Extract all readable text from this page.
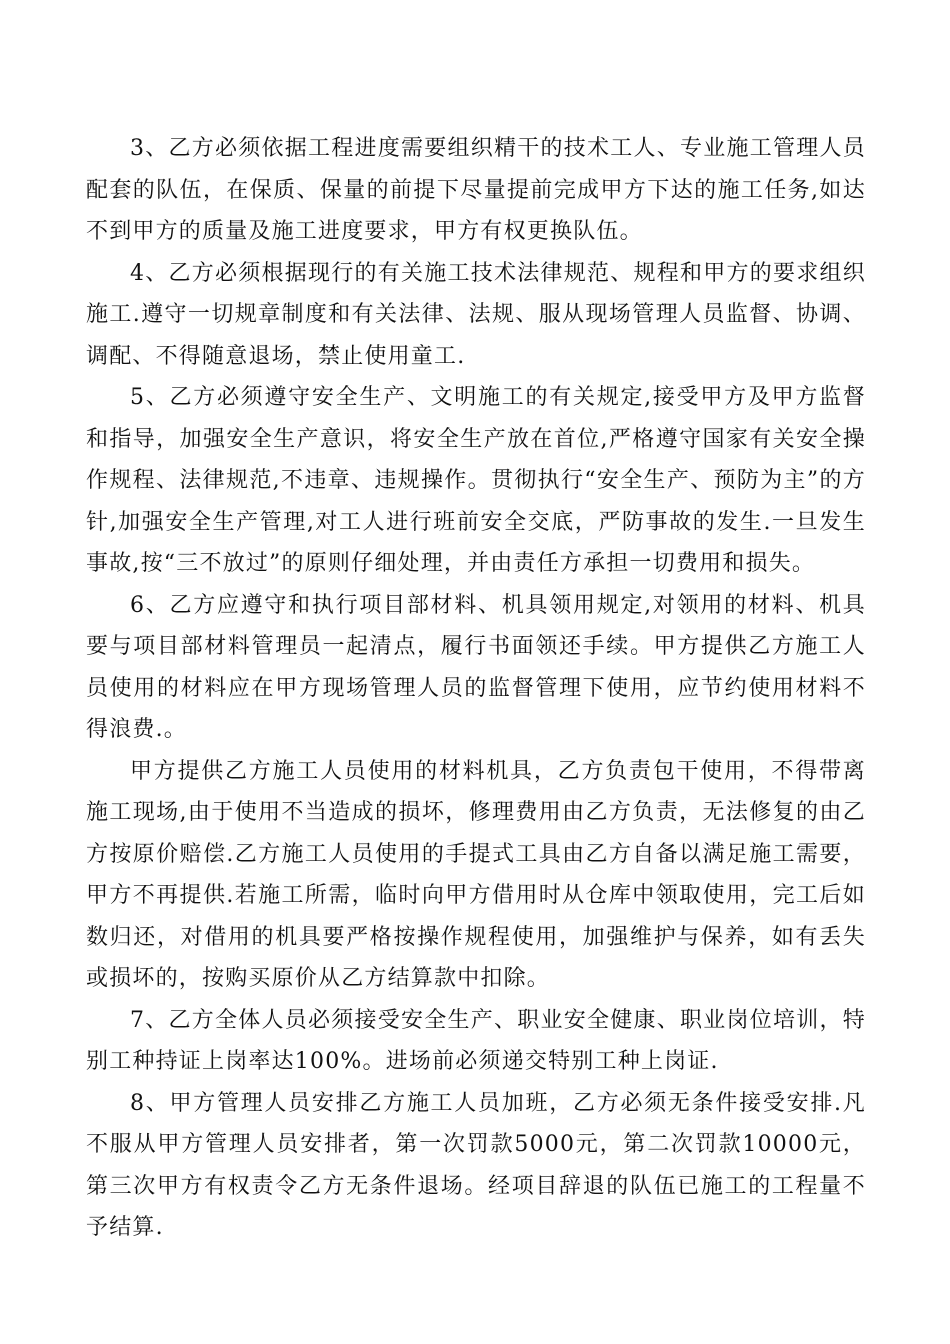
3、乙方必须依据工程进度需要组织精干的技术工人、专业施工管理人员配套的队伍，在保质、保量的前提下尽量提前完成甲方下达的施工任务,如达不到甲方的质量及施工进度要求，甲方有权更换队伍。

4、乙方必须根据现行的有关施工技术法律规范、规程和甲方的要求组织施工.遵守一切规章制度和有关法律、法规、服从现场管理人员监督、协调、调配、不得随意退场，禁止使用童工.

5、乙方必须遵守安全生产、文明施工的有关规定,接受甲方及甲方监督和指导，加强安全生产意识，将安全生产放在首位,严格遵守国家有关安全操作规程、法律规范,不违章、违规操作。贯彻执行“安全生产、预防为主”的方针,加强安全生产管理,对工人进行班前安全交底，严防事故的发生.一旦发生事故,按“三不放过”的原则仔细处理，并由责任方承担一切费用和损失。

6、乙方应遵守和执行项目部材料、机具领用规定,对领用的材料、机具要与项目部材料管理员一起清点，履行书面领还手续。甲方提供乙方施工人员使用的材料应在甲方现场管理人员的监督管理下使用，应节约使用材料不得浪费.。

甲方提供乙方施工人员使用的材料机具，乙方负责包干使用，不得带离施工现场,由于使用不当造成的损坏，修理费用由乙方负责，无法修复的由乙方按原价赔偿.乙方施工人员使用的手提式工具由乙方自备以满足施工需要，甲方不再提供.若施工所需，临时向甲方借用时从仓库中领取使用，完工后如数归还，对借用的机具要严格按操作规程使用，加强维护与保养，如有丢失或损坏的，按购买原价从乙方结算款中扣除。

7、乙方全体人员必须接受安全生产、职业安全健康、职业岗位培训，特别工种持证上岗率达100%。进场前必须递交特别工种上岗证.

8、甲方管理人员安排乙方施工人员加班，乙方必须无条件接受安排.凡不服从甲方管理人员安排者，第一次罚款5000元，第二次罚款10000元，第三次甲方有权责令乙方无条件退场。经项目辞退的队伍已施工的工程量不予结算.
